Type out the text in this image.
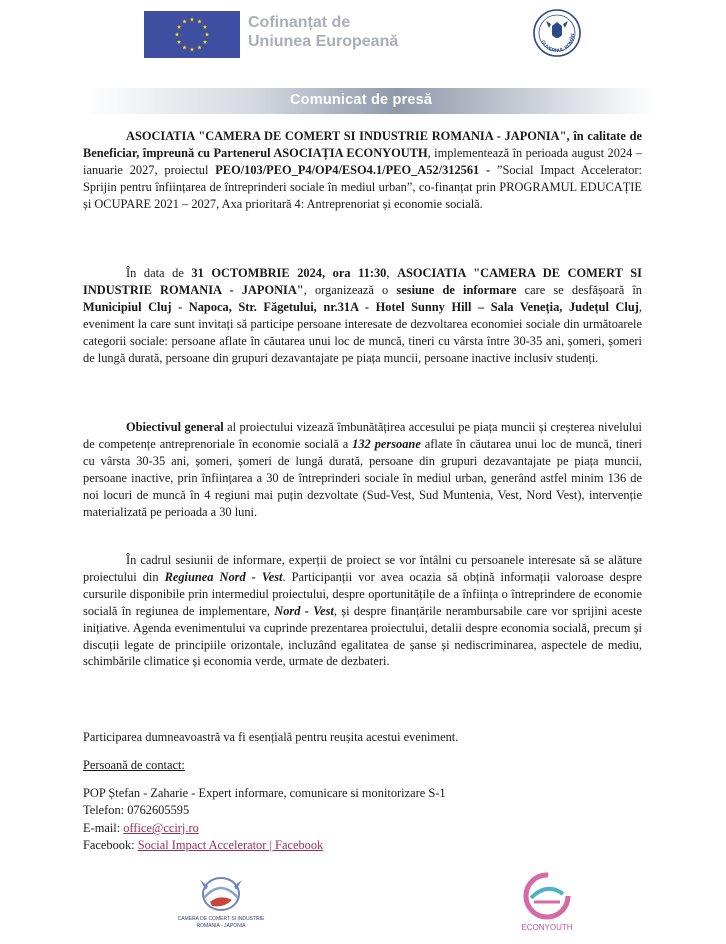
Cofinanțat de
Uniunea Europeană	GUVERNUL ROMÂN
Comunicat de presă

ASOCIATIA "CAMERA DE COMERT SI INDUSTRIE ROMANIA - JAPONIA", în calitate de Beneficiar, împreună cu Partenerul ASOCIAȚIA ECONYOUTH, implementează în perioada august 2024 – ianuarie 2027, proiectul PEO/103/PEO_P4/OP4/ESO4.1/PEO_A52/312561 - ”Social Impact Accelerator: Sprijin pentru înființarea de întreprinderi sociale în mediul urban”, co-finanțat prin PROGRAMUL EDUCAȚIE și OCUPARE 2021 – 2027, Axa prioritară 4: Antreprenoriat și economie socială.

În data de 31 OCTOMBRIE 2024, ora 11:30, ASOCIATIA "CAMERA DE COMERT SI INDUSTRIE ROMANIA - JAPONIA", organizează o sesiune de informare care se desfășoară în Municipiul Cluj - Napoca, Str. Făgetului, nr.31A - Hotel Sunny Hill – Sala Veneția, Județul Cluj, eveniment la care sunt invitați să participe persoane interesate de dezvoltarea economiei sociale din următoarele categorii sociale: persoane aflate în căutarea unui loc de muncă, tineri cu vârsta între 30-35 ani, șomeri, șomeri de lungă durată, persoane din grupuri dezavantajate pe piața muncii, persoane inactive inclusiv studenți.

Obiectivul general al proiectului vizează îmbunătățirea accesului pe piața muncii și creșterea nivelului de competențe antreprenoriale în economie socială a 132 persoane aflate în căutarea unui loc de muncă, tineri cu vârsta 30-35 ani, șomeri, șomeri de lungă durată, persoane din grupuri dezavantajate pe piața muncii, persoane inactive, prin înființarea a 30 de întreprinderi sociale în mediul urban, generând astfel minim 136 de noi locuri de muncă în 4 regiuni mai puțin dezvoltate (Sud-Vest, Sud Muntenia, Vest, Nord Vest), intervenție materializată pe perioada a 30 luni.

În cadrul sesiunii de informare, experții de proiect se vor întâlni cu persoanele interesate să se alăture proiectului din Regiunea Nord - Vest. Participanții vor avea ocazia să obțină informații valoroase despre cursurile disponibile prin intermediul proiectului, despre oportunitățile de a înființa o întreprindere de economie socială în regiunea de implementare, Nord - Vest, și despre finanțările nerambursabile care vor sprijini aceste inițiative. Agenda evenimentului va cuprinde prezentarea proiectului, detalii despre economia socială, precum și discuții legate de principiile orizontale, incluzând egalitatea de șanse și nediscriminarea, aspectele de mediu, schimbările climatice și economia verde, urmate de dezbateri.

Participarea dumneavoastră va fi esențială pentru reușita acestui eveniment.

Persoană de contact:

POP Ștefan - Zaharie - Expert informare, comunicare si monitorizare S-1

Telefon: 0762605595

E-mail: office@ccirj.ro

Facebook: Social Impact Accelerator | Facebook

CAMERA DE COMERT SI INDUSTRIE
ROMANIA - JAPONIA	ECONYOUTH
